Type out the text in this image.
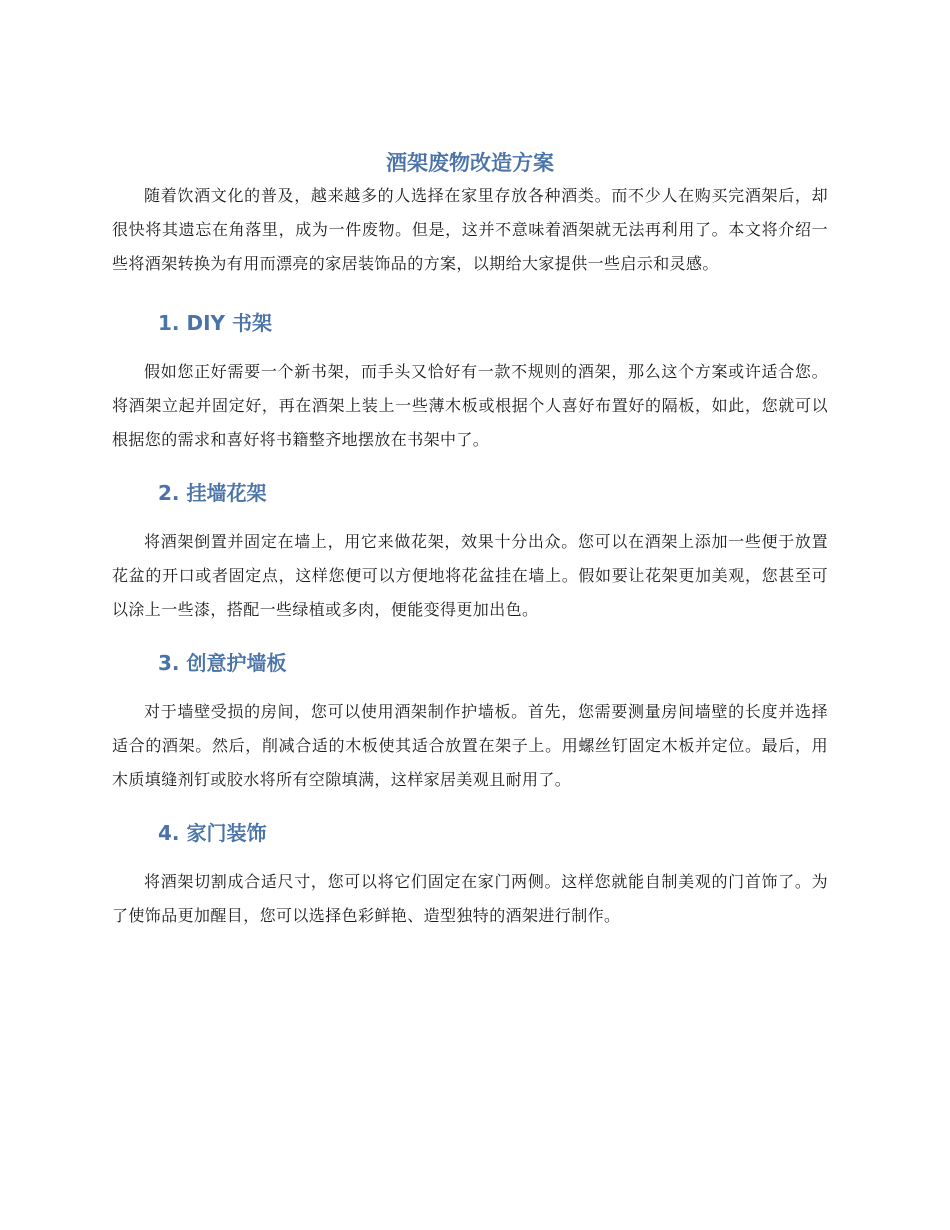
酒架废物改造方案

随着饮酒文化的普及，越来越多的人选择在家里存放各种酒类。而不少人在购买完酒架后，却很快将其遗忘在角落里，成为一件废物。但是，这并不意味着酒架就无法再利用了。本文将介绍一些将酒架转换为有用而漂亮的家居装饰品的方案，以期给大家提供一些启示和灵感。

1. DIY 书架

假如您正好需要一个新书架，而手头又恰好有一款不规则的酒架，那么这个方案或许适合您。将酒架立起并固定好，再在酒架上装上一些薄木板或根据个人喜好布置好的隔板，如此，您就可以根据您的需求和喜好将书籍整齐地摆放在书架中了。

2. 挂墙花架

将酒架倒置并固定在墙上，用它来做花架，效果十分出众。您可以在酒架上添加一些便于放置花盆的开口或者固定点，这样您便可以方便地将花盆挂在墙上。假如要让花架更加美观，您甚至可以涂上一些漆，搭配一些绿植或多肉，便能变得更加出色。

3. 创意护墙板

对于墙壁受损的房间，您可以使用酒架制作护墙板。首先，您需要测量房间墙壁的长度并选择适合的酒架。然后，削减合适的木板使其适合放置在架子上。用螺丝钉固定木板并定位。最后，用木质填缝剂钉或胶水将所有空隙填满，这样家居美观且耐用了。

4. 家门装饰

将酒架切割成合适尺寸，您可以将它们固定在家门两侧。这样您就能自制美观的门首饰了。为了使饰品更加醒目，您可以选择色彩鲜艳、造型独特的酒架进行制作。
